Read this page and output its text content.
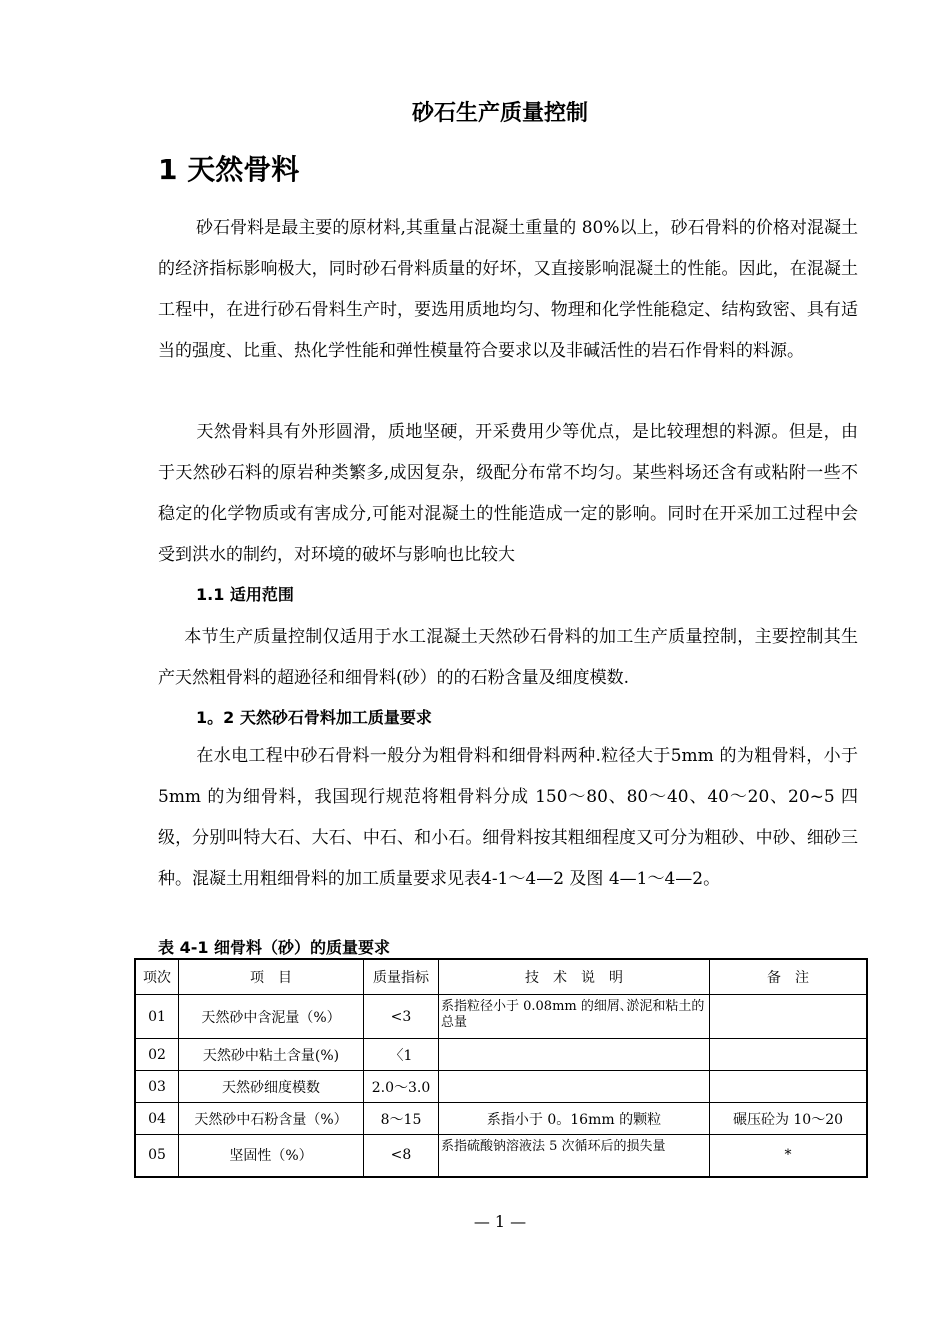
砂石生产质量控制
1 天然骨料
砂石骨料是最主要的原材料,其重量占混凝土重量的 80%以上，砂石骨料的价格对混凝土的经济指标影响极大，同时砂石骨料质量的好坏，又直接影响混凝土的性能。因此，在混凝土工程中，在进行砂石骨料生产时，要选用质地均匀、物理和化学性能稳定、结构致密、具有适当的强度、比重、热化学性能和弹性模量符合要求以及非碱活性的岩石作骨料的料源。
天然骨料具有外形圆滑，质地坚硬，开采费用少等优点，是比较理想的料源。但是，由于天然砂石料的原岩种类繁多,成因复杂，级配分布常不均匀。某些料场还含有或粘附一些不稳定的化学物质或有害成分,可能对混凝土的性能造成一定的影响。同时在开采加工过程中会受到洪水的制约，对环境的破坏与影响也比较大
1.1 适用范围
本节生产质量控制仅适用于水工混凝土天然砂石骨料的加工生产质量控制，主要控制其生产天然粗骨料的超逊径和细骨料(砂）的的石粉含量及细度模数.
1。2 天然砂石骨料加工质量要求
在水电工程中砂石骨料一般分为粗骨料和细骨料两种.粒径大于5mm 的为粗骨料，小于 5mm 的为细骨料，我国现行规范将粗骨料分成 150～80、80～40、40～20、20~5 四级，分别叫特大石、大石、中石、和小石。细骨料按其粗细程度又可分为粗砂、中砂、细砂三种。混凝土用粗细骨料的加工质量要求见表4-1～4—2 及图 4—1～4—2。
表 4-1 细骨料（砂）的质量要求
项次	项　目	质量指标	技　术　说　明	备　注
01	天然砂中含泥量（%）	<3	系指粒径小于 0.08mm 的细屑､淤泥和粘土的总量	
02	天然砂中粘土含量(%)	〈1		
03	天然砂细度模数	2.0～3.0		
04	天然砂中石粉含量（%）	8～15	系指小于 0。16mm 的颗粒	碾压砼为 10～20
05	坚固性（%）	<8	系指硫酸钠溶液法 5 次循环后的损失量	*
— 1 —
